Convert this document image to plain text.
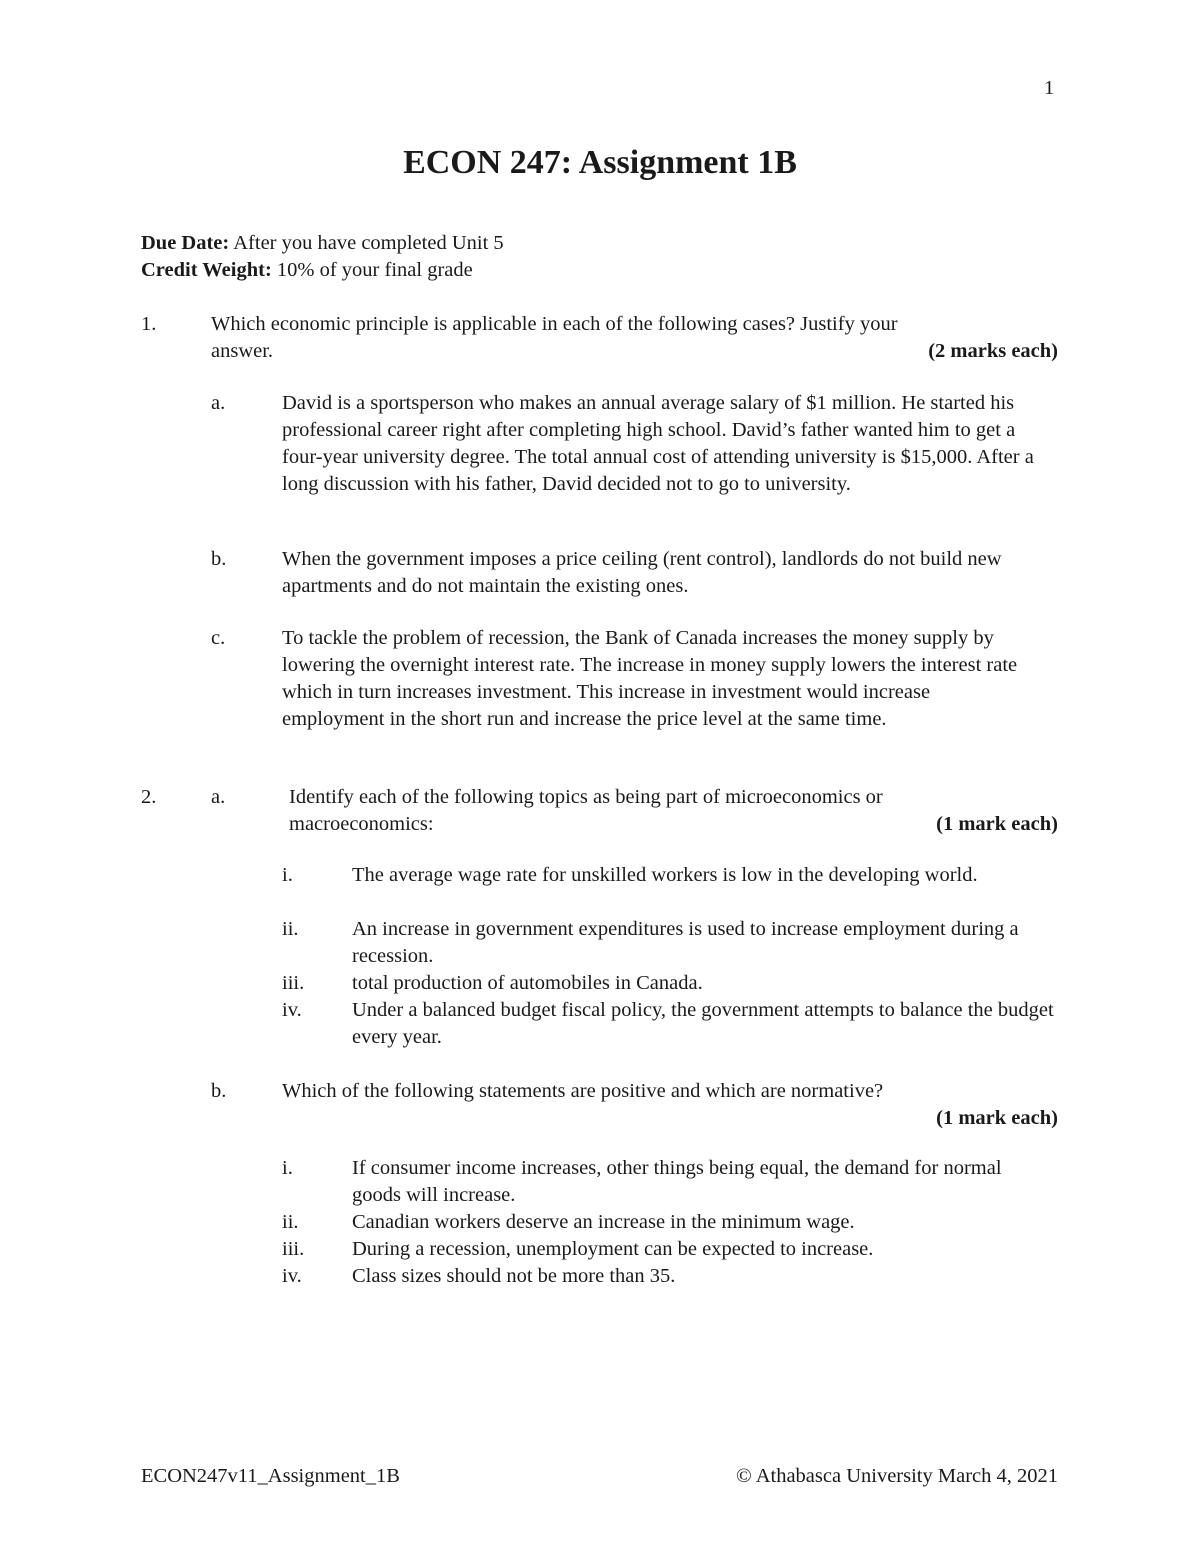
1
ECON 247: Assignment 1B
Due Date: After you have completed Unit 5
Credit Weight: 10% of your final grade
1.	Which economic principle is applicable in each of the following cases? Justify your
answer.	(2 marks each)
a.	David is a sportsperson who makes an annual average salary of $1 million. He started his professional career right after completing high school. David’s father wanted him to get a four-year university degree. The total annual cost of attending university is $15,000. After a long discussion with his father, David decided not to go to university.
b.	When the government imposes a price ceiling (rent control), landlords do not build new apartments and do not maintain the existing ones.
c.	To tackle the problem of recession, the Bank of Canada increases the money supply by lowering the overnight interest rate. The increase in money supply lowers the interest rate which in turn increases investment. This increase in investment would increase employment in the short run and increase the price level at the same time.
2.	a.	Identify each of the following topics as being part of microeconomics or
macroeconomics:	(1 mark each)
i.	The average wage rate for unskilled workers is low in the developing world.
ii.	An increase in government expenditures is used to increase employment during a recession.
iii. total production of automobiles in Canada.
iv. Under a balanced budget fiscal policy, the government attempts to balance the budget every year.
b.	Which of the following statements are positive and which are normative?
(1 mark each)
i.	If consumer income increases, other things being equal, the demand for normal goods will increase.
ii.	Canadian workers deserve an increase in the minimum wage.
iii. During a recession, unemployment can be expected to increase.
iv. Class sizes should not be more than 35.
ECON247v11_Assignment_1B	© Athabasca University March 4, 2021
